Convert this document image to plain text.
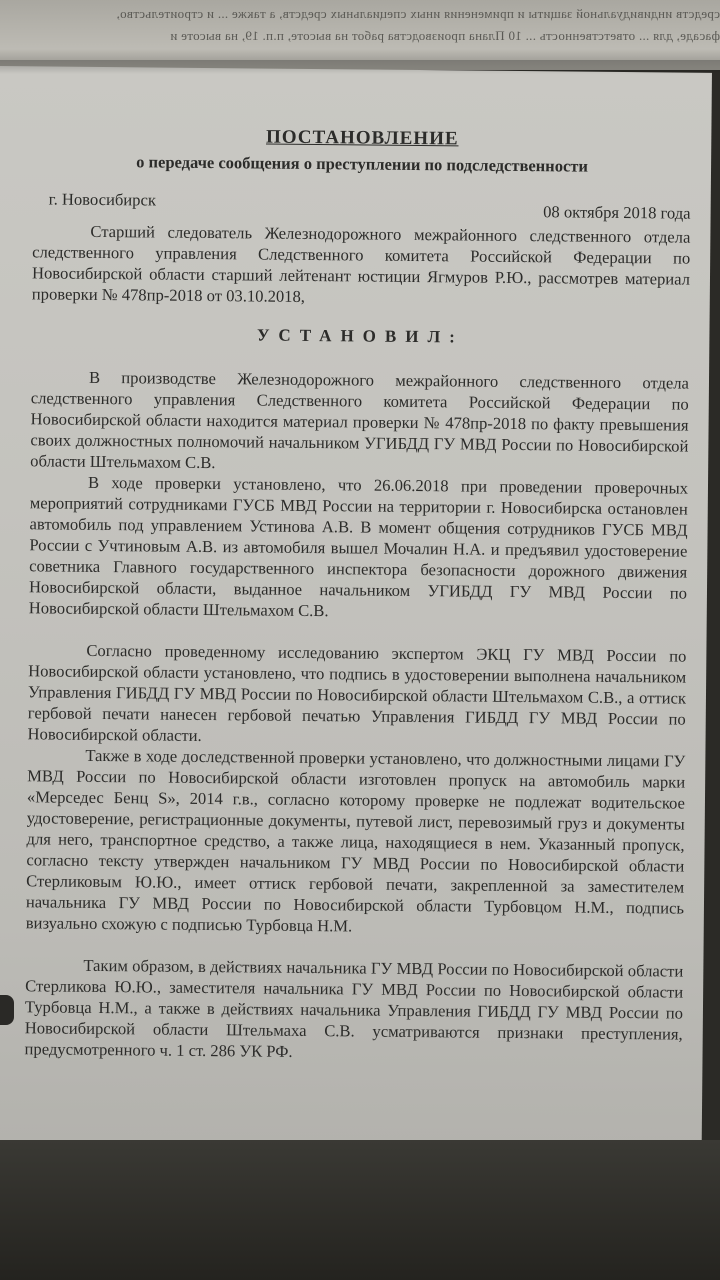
средств индивидуальной защиты и применения иных специальных средств, а также ... и строительство,
фасаде, для ... ответственность ... 10 Плана производства работ на высоте, п.п. 19, на высоте и
ПОСТАНОВЛЕНИЕ
о передаче сообщения о преступлении по подследственности
г. Новосибирск
08 октября 2018 года
Старший следователь Железнодорожного межрайонного следственного отдела следственного управления Следственного комитета Российской Федерации по Новосибирской области старший лейтенант юстиции Ягмуров Р.Ю., рассмотрев материал проверки № 478пр-2018 от 03.10.2018,
УСТАНОВИЛ:
В производстве Железнодорожного межрайонного следственного отдела следственного управления Следственного комитета Российской Федерации по Новосибирской области находится материал проверки № 478пр-2018 по факту превышения своих должностных полномочий начальником УГИБДД ГУ МВД России по Новосибирской области Штельмахом С.В.
В ходе проверки установлено, что 26.06.2018 при проведении проверочных мероприятий сотрудниками ГУСБ МВД России на территории г. Новосибирска остановлен автомобиль под управлением Устинова А.В. В момент общения сотрудников ГУСБ МВД России с Учтиновым А.В. из автомобиля вышел Мочалин Н.А. и предъявил удостоверение советника Главного государственного инспектора безопасности дорожного движения Новосибирской области, выданное начальником УГИБДД ГУ МВД России по Новосибирской области Штельмахом С.В.
Согласно проведенному исследованию экспертом ЭКЦ ГУ МВД России по Новосибирской области установлено, что подпись в удостоверении выполнена начальником Управления ГИБДД ГУ МВД России по Новосибирской области Штельмахом С.В., а оттиск гербовой печати нанесен гербовой печатью Управления ГИБДД ГУ МВД России по Новосибирской области.
Также в ходе доследственной проверки установлено, что должностными лицами ГУ МВД России по Новосибирской области изготовлен пропуск на автомобиль марки «Мерседес Бенц S», 2014 г.в., согласно которому проверке не подлежат водительское удостоверение, регистрационные документы, путевой лист, перевозимый груз и документы для него, транспортное средство, а также лица, находящиеся в нем. Указанный пропуск, согласно тексту утвержден начальником ГУ МВД России по Новосибирской области Стерликовым Ю.Ю., имеет оттиск гербовой печати, закрепленной за заместителем начальника ГУ МВД России по Новосибирской области Турбовцом Н.М., подпись визуально схожую с подписью Турбовца Н.М.
Таким образом, в действиях начальника ГУ МВД России по Новосибирской области Стерликова Ю.Ю., заместителя начальника ГУ МВД России по Новосибирской области Турбовца Н.М., а также в действиях начальника Управления ГИБДД ГУ МВД России по Новосибирской области Штельмаха С.В. усматриваются признаки преступления, предусмотренного ч. 1 ст. 286 УК РФ.
